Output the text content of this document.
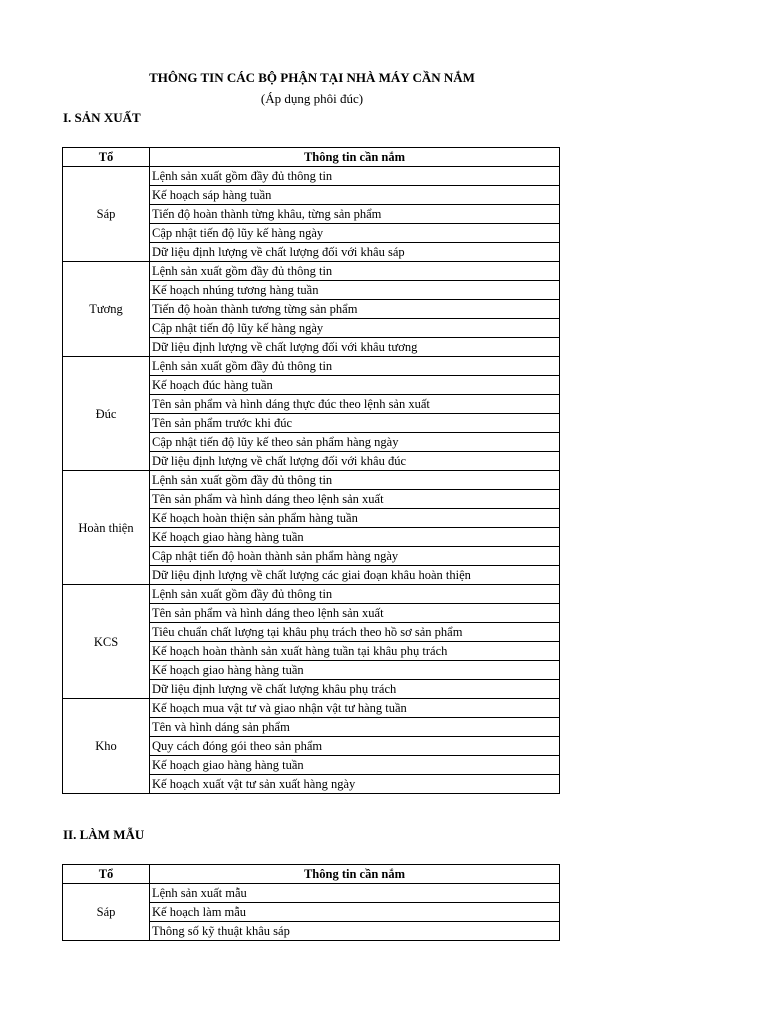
THÔNG TIN CÁC BỘ PHẬN TẠI NHÀ MÁY CẦN NẮM

(Áp dụng phôi đúc)

I. SẢN XUẤT
Tổ	Thông tin cần nắm
Sáp	Lệnh sản xuất gồm đầy đủ thông tin
	Kế hoạch sáp hàng tuần
	Tiến độ hoàn thành từng khâu, từng sản phẩm
	Cập nhật tiến độ lũy kế hàng ngày
	Dữ liệu định lượng về chất lượng đối với khâu sáp
Tương	Lệnh sản xuất gồm đầy đủ thông tin
	Kế hoạch nhúng tương hàng tuần
	Tiến độ hoàn thành tương từng sản phẩm
	Cập nhật tiến độ lũy kế hàng ngày
	Dữ liệu định lượng về chất lượng đối với khâu tương
Đúc	Lệnh sản xuất gồm đầy đủ thông tin
	Kế hoạch đúc hàng tuần
	Tên sản phẩm và hình dáng thực đúc theo lệnh sản xuất
	Tên sản phẩm trước khi đúc
	Cập nhật tiến độ lũy kế theo sản phẩm hàng ngày
	Dữ liệu định lượng về chất lượng đối với khâu đúc
Hoàn thiện	Lệnh sản xuất gồm đầy đủ thông tin
	Tên sản phẩm và hình dáng theo lệnh sản xuất
	Kế hoạch hoàn thiện sản phẩm hàng tuần
	Kế hoạch giao hàng hàng tuần
	Cập nhật tiến độ hoàn thành sản phẩm hàng ngày
	Dữ liệu định lượng về chất lượng các giai đoạn khâu hoàn thiện
KCS	Lệnh sản xuất gồm đầy đủ thông tin
	Tên sản phẩm và hình dáng theo lệnh sản xuất
	Tiêu chuẩn chất lượng tại khâu phụ trách theo hồ sơ sản phẩm
	Kế hoạch hoàn thành sản xuất hàng tuần tại khâu phụ trách
	Kế hoạch giao hàng hàng tuần
	Dữ liệu định lượng về chất lượng khâu phụ trách
Kho	Kế hoạch mua vật tư và giao nhận vật tư hàng tuần
	Tên và hình dáng sản phẩm
	Quy cách đóng gói theo sản phẩm
	Kế hoạch giao hàng hàng tuần
	Kế hoạch xuất vật tư sản xuất hàng ngày
II. LÀM MẪU
Tổ	Thông tin cần nắm
Sáp	Lệnh sản xuất mẫu
	Kế hoạch làm mẫu
	Thông số kỹ thuật khâu sáp
